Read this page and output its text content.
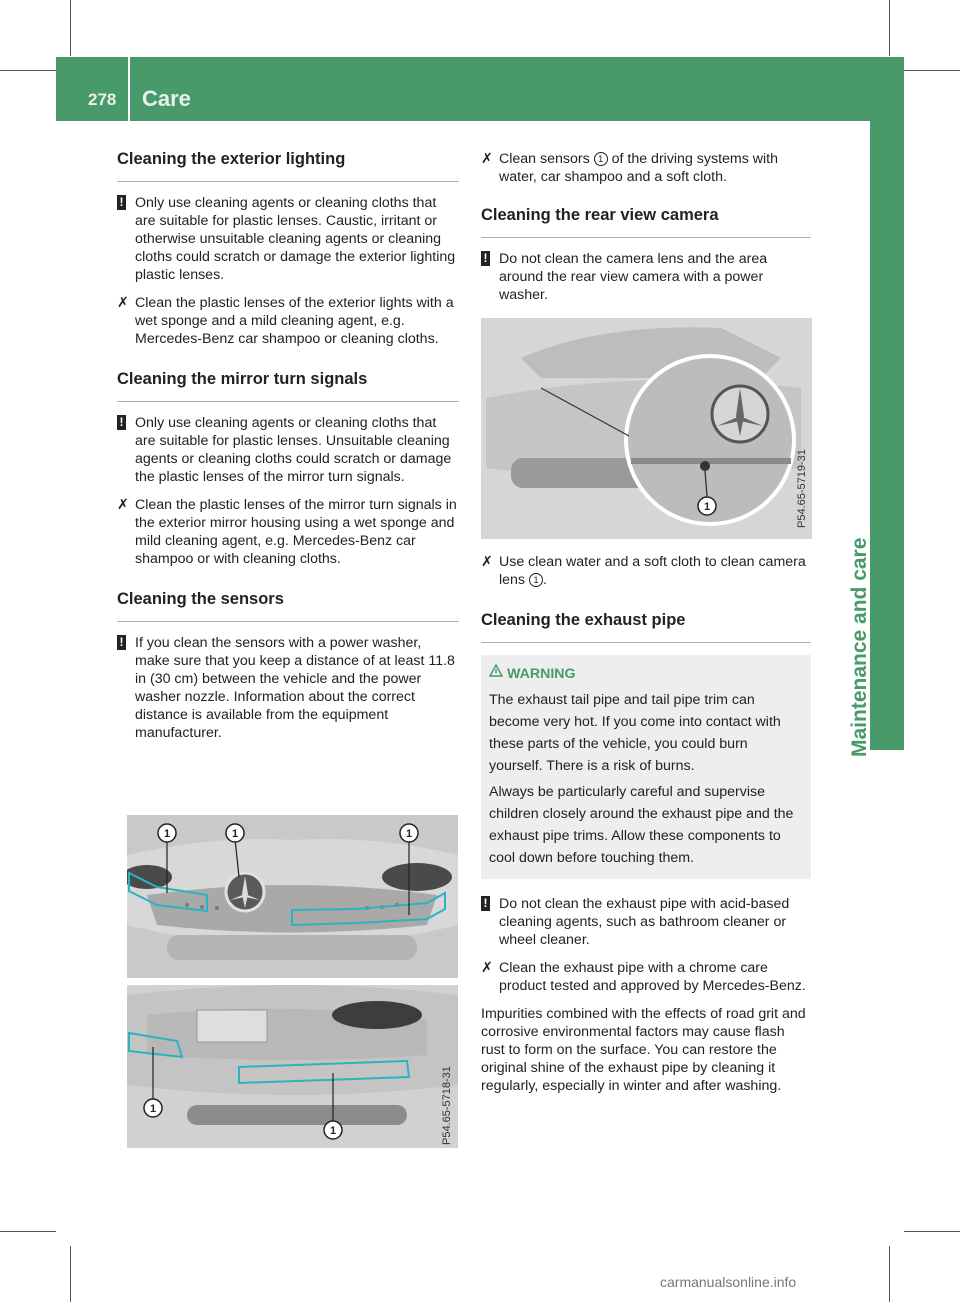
278 Care
Maintenance and care
Cleaning the exterior lighting
! Only use cleaning agents or cleaning cloths that are suitable for plastic lenses. Caustic, irritant or otherwise unsuitable cleaning agents or cleaning cloths could scratch or damage the exterior lighting plastic lenses.
✗ Clean the plastic lenses of the exterior lights with a wet sponge and a mild cleaning agent, e.g. Mercedes-Benz car shampoo or cleaning cloths.
Cleaning the mirror turn signals
! Only use cleaning agents or cleaning cloths that are suitable for plastic lenses. Unsuitable cleaning agents or cleaning cloths could scratch or damage the plastic lenses of the mirror turn signals.
✗ Clean the plastic lenses of the mirror turn signals in the exterior mirror housing using a wet sponge and mild cleaning agent, e.g. Mercedes-Benz car shampoo or with cleaning cloths.
Cleaning the sensors
! If you clean the sensors with a power washer, make sure that you keep a distance of at least 11.8 in (30 cm) between the vehicle and the power washer nozzle. Information about the correct distance is available from the equipment manufacturer.
1	1	1
1
1	P54.65-5718-31
✗ Clean sensors 1 of the driving systems with water, car shampoo and a soft cloth.
Cleaning the rear view camera
! Do not clean the camera lens and the area around the rear view camera with a power washer.
1	P54.65-5719-31
✗ Use clean water and a soft cloth to clean camera lens 1 .
Cleaning the exhaust pipe
WARNING

The exhaust tail pipe and tail pipe trim can become very hot. If you come into contact with these parts of the vehicle, you could burn yourself. There is a risk of burns.

Always be particularly careful and supervise children closely around the exhaust pipe and the exhaust pipe trims. Allow these components to cool down before touching them.

! Do not clean the exhaust pipe with acid-based cleaning agents, such as bathroom cleaner or wheel cleaner.
✗ Clean the exhaust pipe with a chrome care product tested and approved by Mercedes-Benz.
Impurities combined with the effects of road grit and corrosive environmental factors may cause flash rust to form on the surface. You can restore the original shine of the exhaust pipe by cleaning it regularly, especially in winter and after washing.
carmanualsonline.info
